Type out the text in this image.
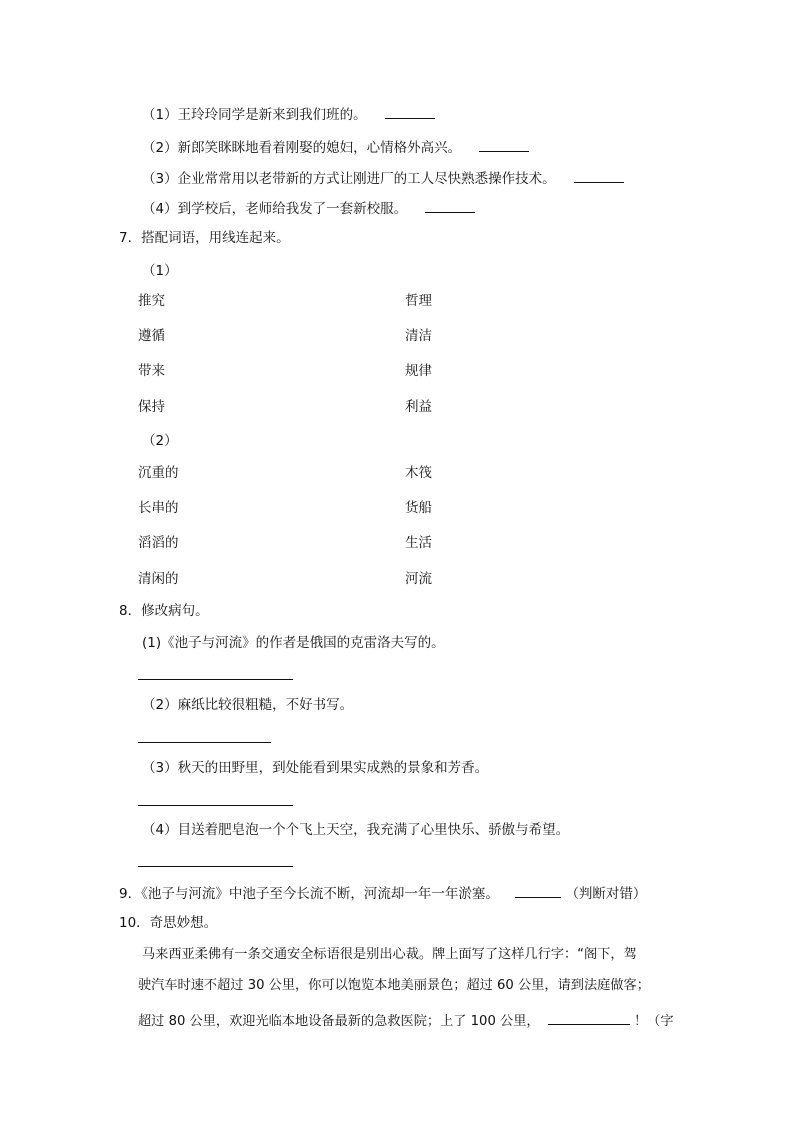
（1）王玲玲同学是新来到我们班的。
（2）新郎笑眯眯地看着刚娶的媳妇，心情格外高兴。
（3）企业常常用以老带新的方式让刚进厂的工人尽快熟悉操作技术。
（4）到学校后，老师给我发了一套新校服。
7．搭配词语，用线连起来。
（1）
推究	哲理
遵循	清洁
带来	规律
保持	利益
（2）
沉重的	木筏
长串的	货船
滔滔的	生活
清闲的	河流
8．修改病句。
(1)《池子与河流》的作者是俄国的克雷洛夫写的。
（2）麻纸比较很粗糙，不好书写。
（3）秋天的田野里，到处能看到果实成熟的景象和芳香。
（4）目送着肥皂泡一个个飞上天空，我充满了心里快乐、骄傲与希望。
9．《池子与河流》中池子至今长流不断，河流却一年一年淤塞。	（判断对错）
10．奇思妙想。
马来西亚柔佛有一条交通安全标语很是别出心裁。牌上面写了这样几行字：“阁下，驾
驶汽车时速不超过 30 公里，你可以饱览本地美丽景色；超过 60 公里，请到法庭做客；
超过 80 公里，欢迎光临本地设备最新的急救医院；上了 100 公里，	！（字
